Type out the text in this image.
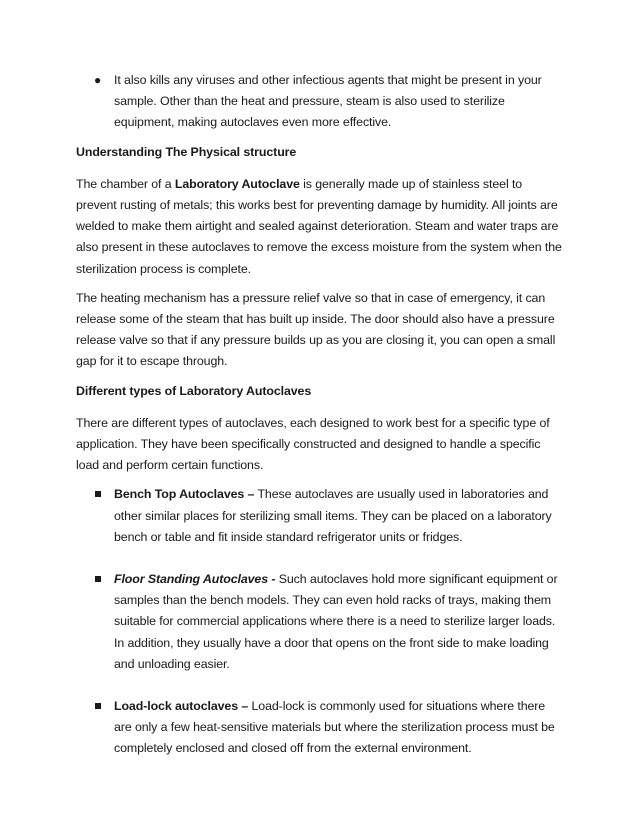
● It also kills any viruses and other infectious agents that might be present in your sample. Other than the heat and pressure, steam is also used to sterilize equipment, making autoclaves even more effective.

Understanding The Physical structure

The chamber of a Laboratory Autoclave is generally made up of stainless steel to prevent rusting of metals; this works best for preventing damage by humidity. All joints are welded to make them airtight and sealed against deterioration. Steam and water traps are also present in these autoclaves to remove the excess moisture from the system when the sterilization process is complete.

The heating mechanism has a pressure relief valve so that in case of emergency, it can release some of the steam that has built up inside. The door should also have a pressure release valve so that if any pressure builds up as you are closing it, you can open a small gap for it to escape through.

Different types of Laboratory Autoclaves

There are different types of autoclaves, each designed to work best for a specific type of application. They have been specifically constructed and designed to handle a specific load and perform certain functions.

Bench Top Autoclaves – These autoclaves are usually used in laboratories and other similar places for sterilizing small items. They can be placed on a laboratory bench or table and fit inside standard refrigerator units or fridges.
Floor Standing Autoclaves - Such autoclaves hold more significant equipment or samples than the bench models. They can even hold racks of trays, making them suitable for commercial applications where there is a need to sterilize larger loads. In addition, they usually have a door that opens on the front side to make loading and unloading easier.
Load-lock autoclaves – Load-lock is commonly used for situations where there are only a few heat-sensitive materials but where the sterilization process must be completely enclosed and closed off from the external environment.
